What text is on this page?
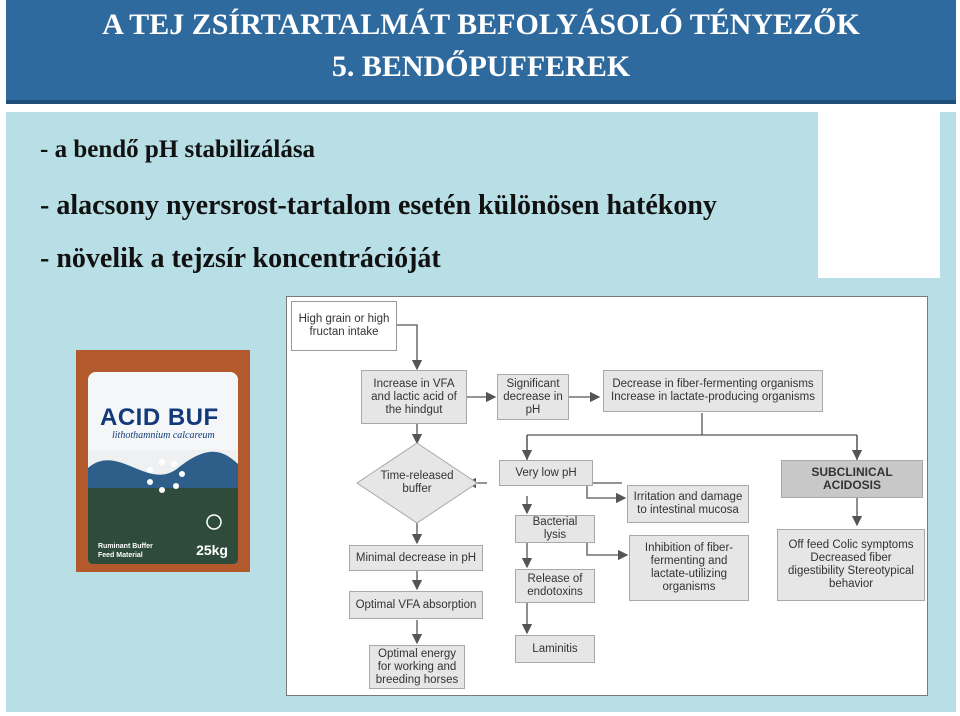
A TEJ ZSÍRTARTALMÁT BEFOLYÁSOLÓ TÉNYEZŐK
5. BENDŐPUFFEREK
- a bendő pH stabilizálása
- alacsony nyersrost-tartalom esetén különösen hatékony
- növelik a tejzsír koncentrációját
ACID BUF
lithothamnium calcareum
Ruminant Buffer Feed Material	25kg
High grain or high fructan intake
Increase in VFA and lactic acid of the hindgut
Significant decrease in pH
Decrease in fiber-fermenting organisms Increase in lactate-producing organisms
Time-released buffer
Very low pH	SUBCLINICAL ACIDOSIS
Irritation and damage to intestinal mucosa
Bacterial lysis
Minimal decrease in pH
Inhibition of fiber-fermenting and lactate-utilizing organisms
Off feed Colic symptoms Decreased fiber digestibility Stereotypical behavior
Release of endotoxins
Optimal VFA absorption
Laminitis
Optimal energy for working and breeding horses
